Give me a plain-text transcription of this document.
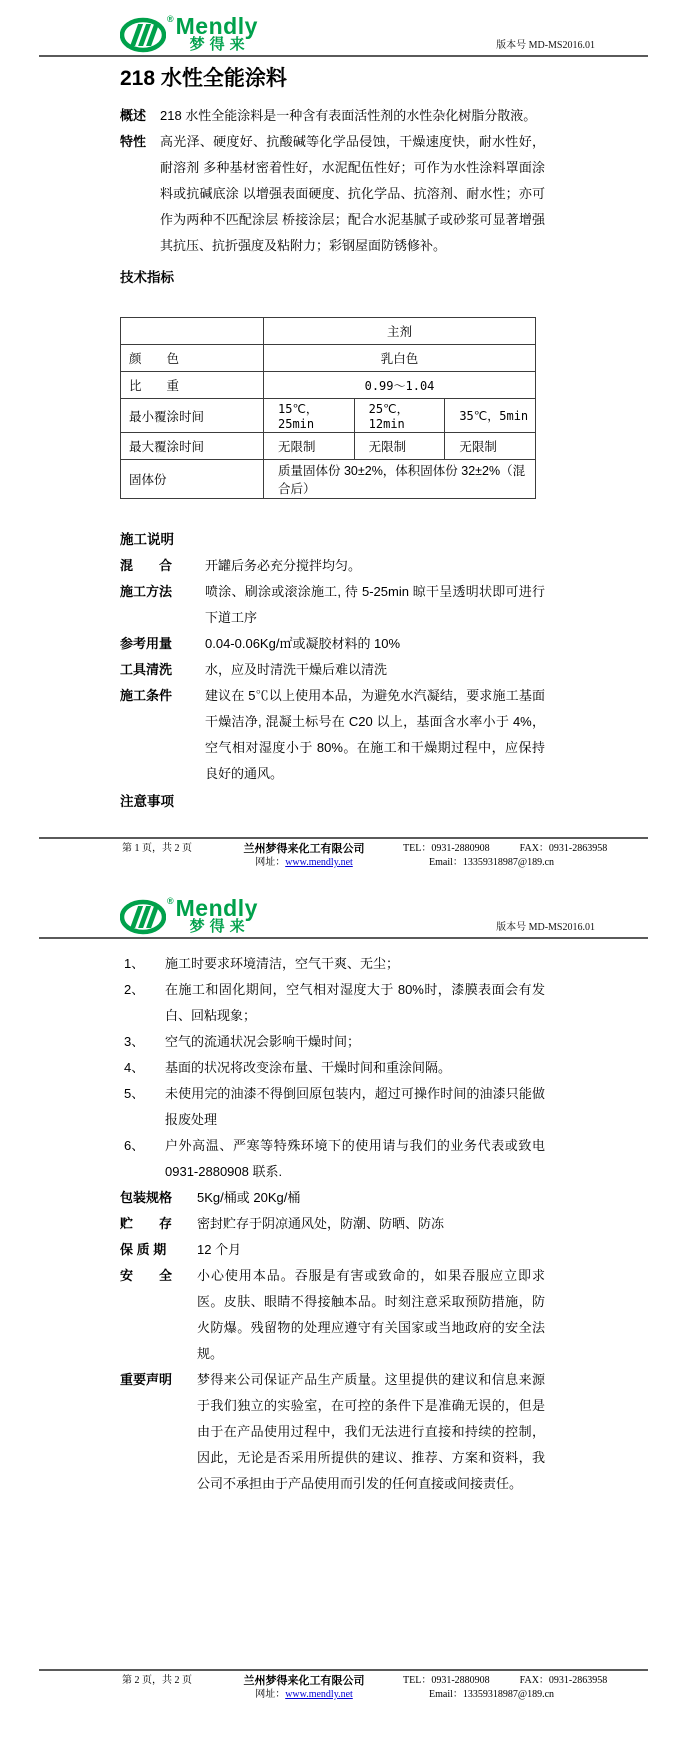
® Mendly
梦得来	版本号 MD-MS2016.01
218 水性全能涂料
概述	218 水性全能涂料是一种含有表面活性剂的水性杂化树脂分散液。
特性	高光泽、硬度好、抗酸碱等化学品侵蚀，干燥速度快，耐水性好，耐溶剂 多种基材密着性好，水泥配伍性好；可作为水性涂料罩面涂料或抗碱底涂 以增强表面硬度、抗化学品、抗溶剂、耐水性；亦可作为两种不匹配涂层 桥接涂层；配合水泥基腻子或砂浆可显著增强其抗压、抗折强度及粘附力；彩钢屋面防锈修补。
技术指标
	主剂		
颜　　色	乳白色		
比　　重	0.99～1.04		
最小覆涂时间	15℃，25min	25℃，12min	35℃，5min
最大覆涂时间	无限制	无限制	无限制
固体份	质量固体份 30±2%，体积固体份 32±2%（混合后）		
施工说明
混　　合	开罐后务必充分搅拌均匀。
施工方法	喷涂、刷涂或滚涂施工, 待 5-25min 晾干呈透明状即可进行下道工序
参考用量	0.04-0.06Kg/㎡或凝胶材料的 10%
工具清洗	水，应及时清洗干燥后难以清洗
施工条件	建议在 5℃以上使用本品，为避免水汽凝结，要求施工基面干燥洁净, 混凝土标号在 C20 以上，基面含水率小于 4%，空气相对湿度小于 80%。在施工和干燥期过程中，应保持良好的通风。
注意事项
第 1 页，共 2 页	兰州梦得来化工有限公司
网址：www.mendly.net
TEL：0931-2880908	FAX：0931-2863958
Email：13359318987@189.cn
® Mendly
梦得来	版本号 MD-MS2016.01
1、	施工时要求环境清洁，空气干爽、无尘；
2、	在施工和固化期间，空气相对湿度大于 80%时，漆膜表面会有发白、回粘现象；
3、	空气的流通状况会影响干燥时间；
4、	基面的状况将改变涂布量、干燥时间和重涂间隔。
5、	未使用完的油漆不得倒回原包装内，超过可操作时间的油漆只能做报废处理
6、	户外高温、严寒等特殊环境下的使用请与我们的业务代表或致电 0931-2880908 联系.
包装规格	5Kg/桶或 20Kg/桶
贮　　存	密封贮存于阴凉通风处，防潮、防晒、防冻
保 质 期	12 个月
安　　全	小心使用本品。吞服是有害或致命的，如果吞服应立即求医。皮肤、眼睛不得接触本品。时刻注意采取预防措施，防火防爆。残留物的处理应遵守有关国家或当地政府的安全法规。
重要声明	梦得来公司保证产品生产质量。这里提供的建议和信息来源于我们独立的实验室，在可控的条件下是准确无误的，但是由于在产品使用过程中，我们无法进行直接和持续的控制，因此，无论是否采用所提供的建议、推荐、方案和资料，我公司不承担由于产品使用而引发的任何直接或间接责任。
第 2 页，共 2 页	兰州梦得来化工有限公司
网址：www.mendly.net
TEL：0931-2880908	FAX：0931-2863958
Email：13359318987@189.cn
